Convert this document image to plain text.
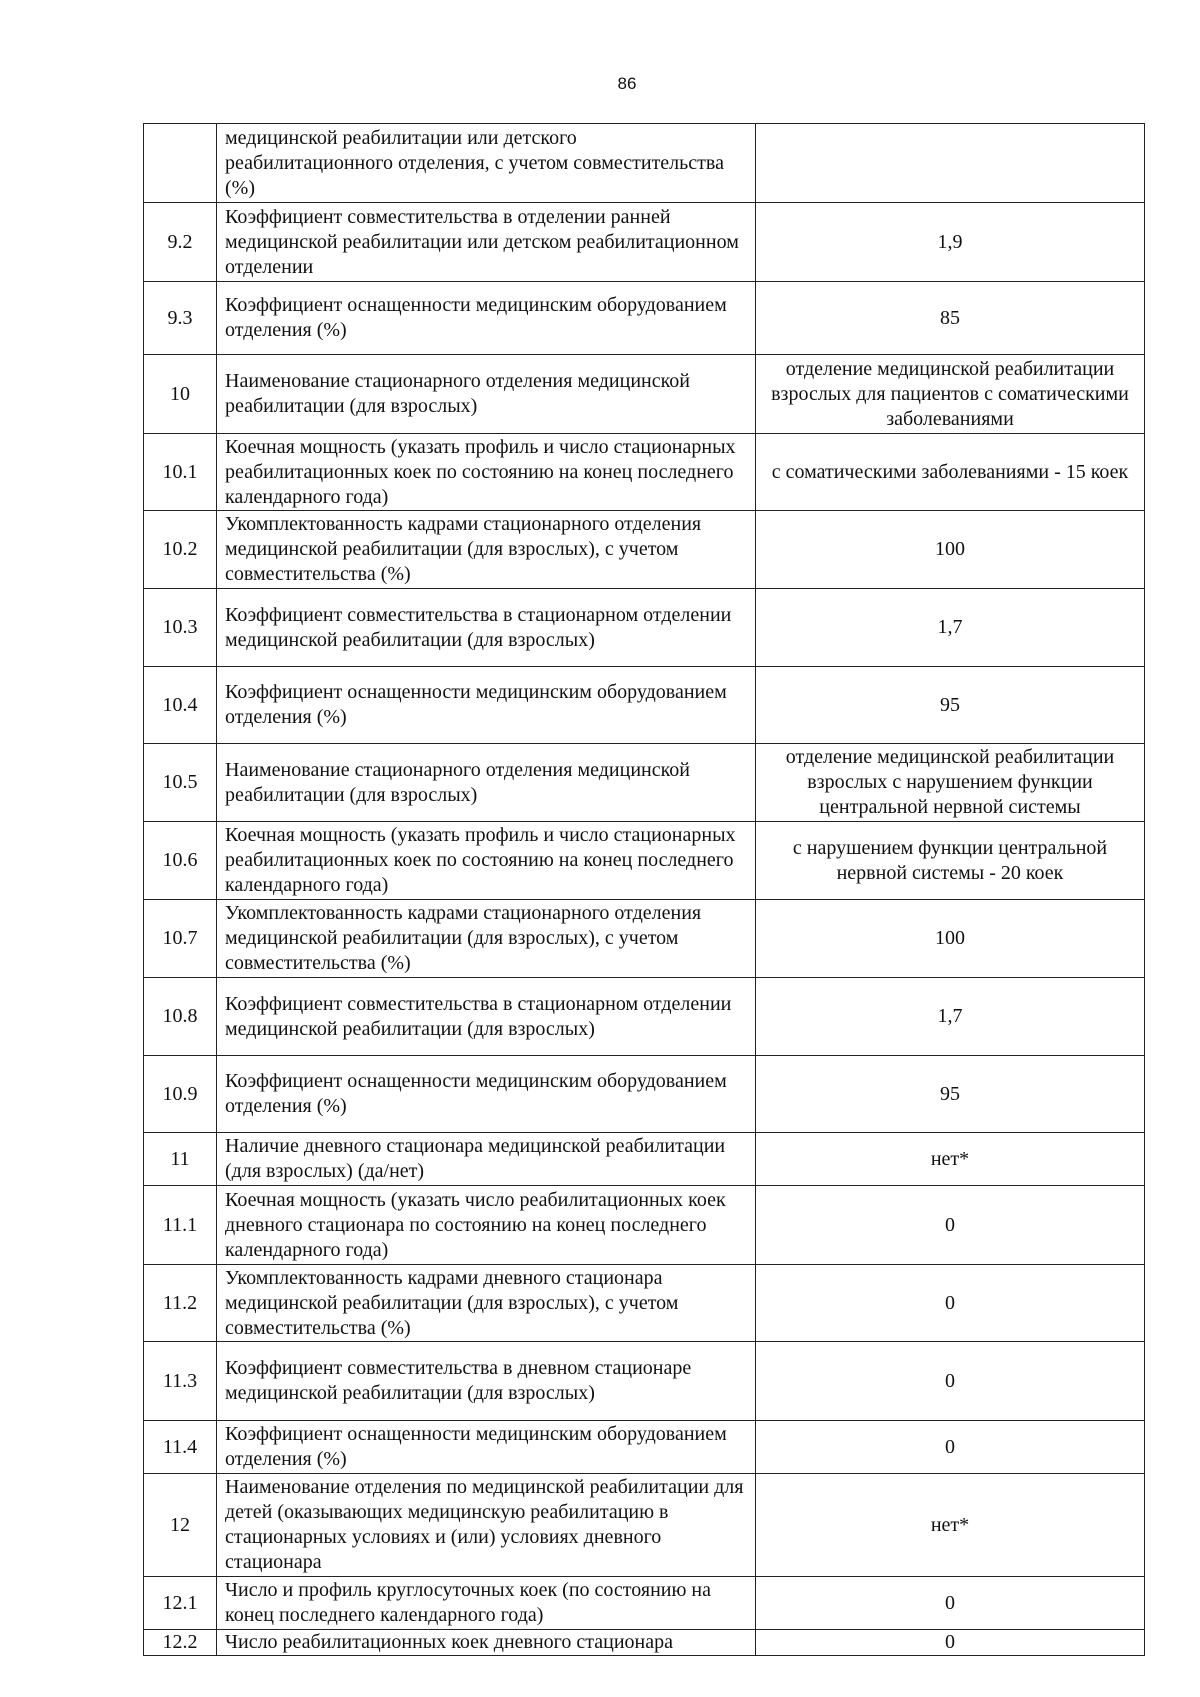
86
	медицинской реабилитации или детского реабилитационного отделения, с учетом совместительства (%)	
9.2	Коэффициент совместительства в отделении ранней медицинской реабилитации или детском реабилитационном отделении	1,9
9.3	Коэффициент оснащенности медицинским оборудованием отделения (%)	85
10	Наименование стационарного отделения медицинской реабилитации (для взрослых)	отделение медицинской реабилитации взрослых для пациентов с соматическими заболеваниями
10.1	Коечная мощность (указать профиль и число стационарных реабилитационных коек по состоянию на конец последнего календарного года)	с соматическими заболеваниями - 15 коек
10.2	Укомплектованность кадрами стационарного отделения медицинской реабилитации (для взрослых), с учетом совместительства (%)	100
10.3	Коэффициент совместительства в стационарном отделении медицинской реабилитации (для взрослых)	1,7
10.4	Коэффициент оснащенности медицинским оборудованием отделения (%)	95
10.5	Наименование стационарного отделения медицинской реабилитации (для взрослых)	отделение медицинской реабилитации взрослых с нарушением функции центральной нервной системы
10.6	Коечная мощность (указать профиль и число стационарных реабилитационных коек по состоянию на конец последнего календарного года)	с нарушением функции центральной нервной системы - 20 коек
10.7	Укомплектованность кадрами стационарного отделения медицинской реабилитации (для взрослых), с учетом совместительства (%)	100
10.8	Коэффициент совместительства в стационарном отделении медицинской реабилитации (для взрослых)	1,7
10.9	Коэффициент оснащенности медицинским оборудованием отделения (%)	95
11	Наличие дневного стационара медицинской реабилитации (для взрослых) (да/нет)	нет*
11.1	Коечная мощность (указать число реабилитационных коек дневного стационара по состоянию на конец последнего календарного года)	0
11.2	Укомплектованность кадрами дневного стационара медицинской реабилитации (для взрослых), с учетом совместительства (%)	0
11.3	Коэффициент совместительства в дневном стационаре медицинской реабилитации (для взрослых)	0
11.4	Коэффициент оснащенности медицинским оборудованием отделения (%)	0
12	Наименование отделения по медицинской реабилитации для детей (оказывающих медицинскую реабилитацию в стационарных условиях и (или) условиях дневного стационара	нет*
12.1	Число и профиль круглосуточных коек (по состоянию на конец последнего календарного года)	0
12.2	Число реабилитационных коек дневного стационара	0
